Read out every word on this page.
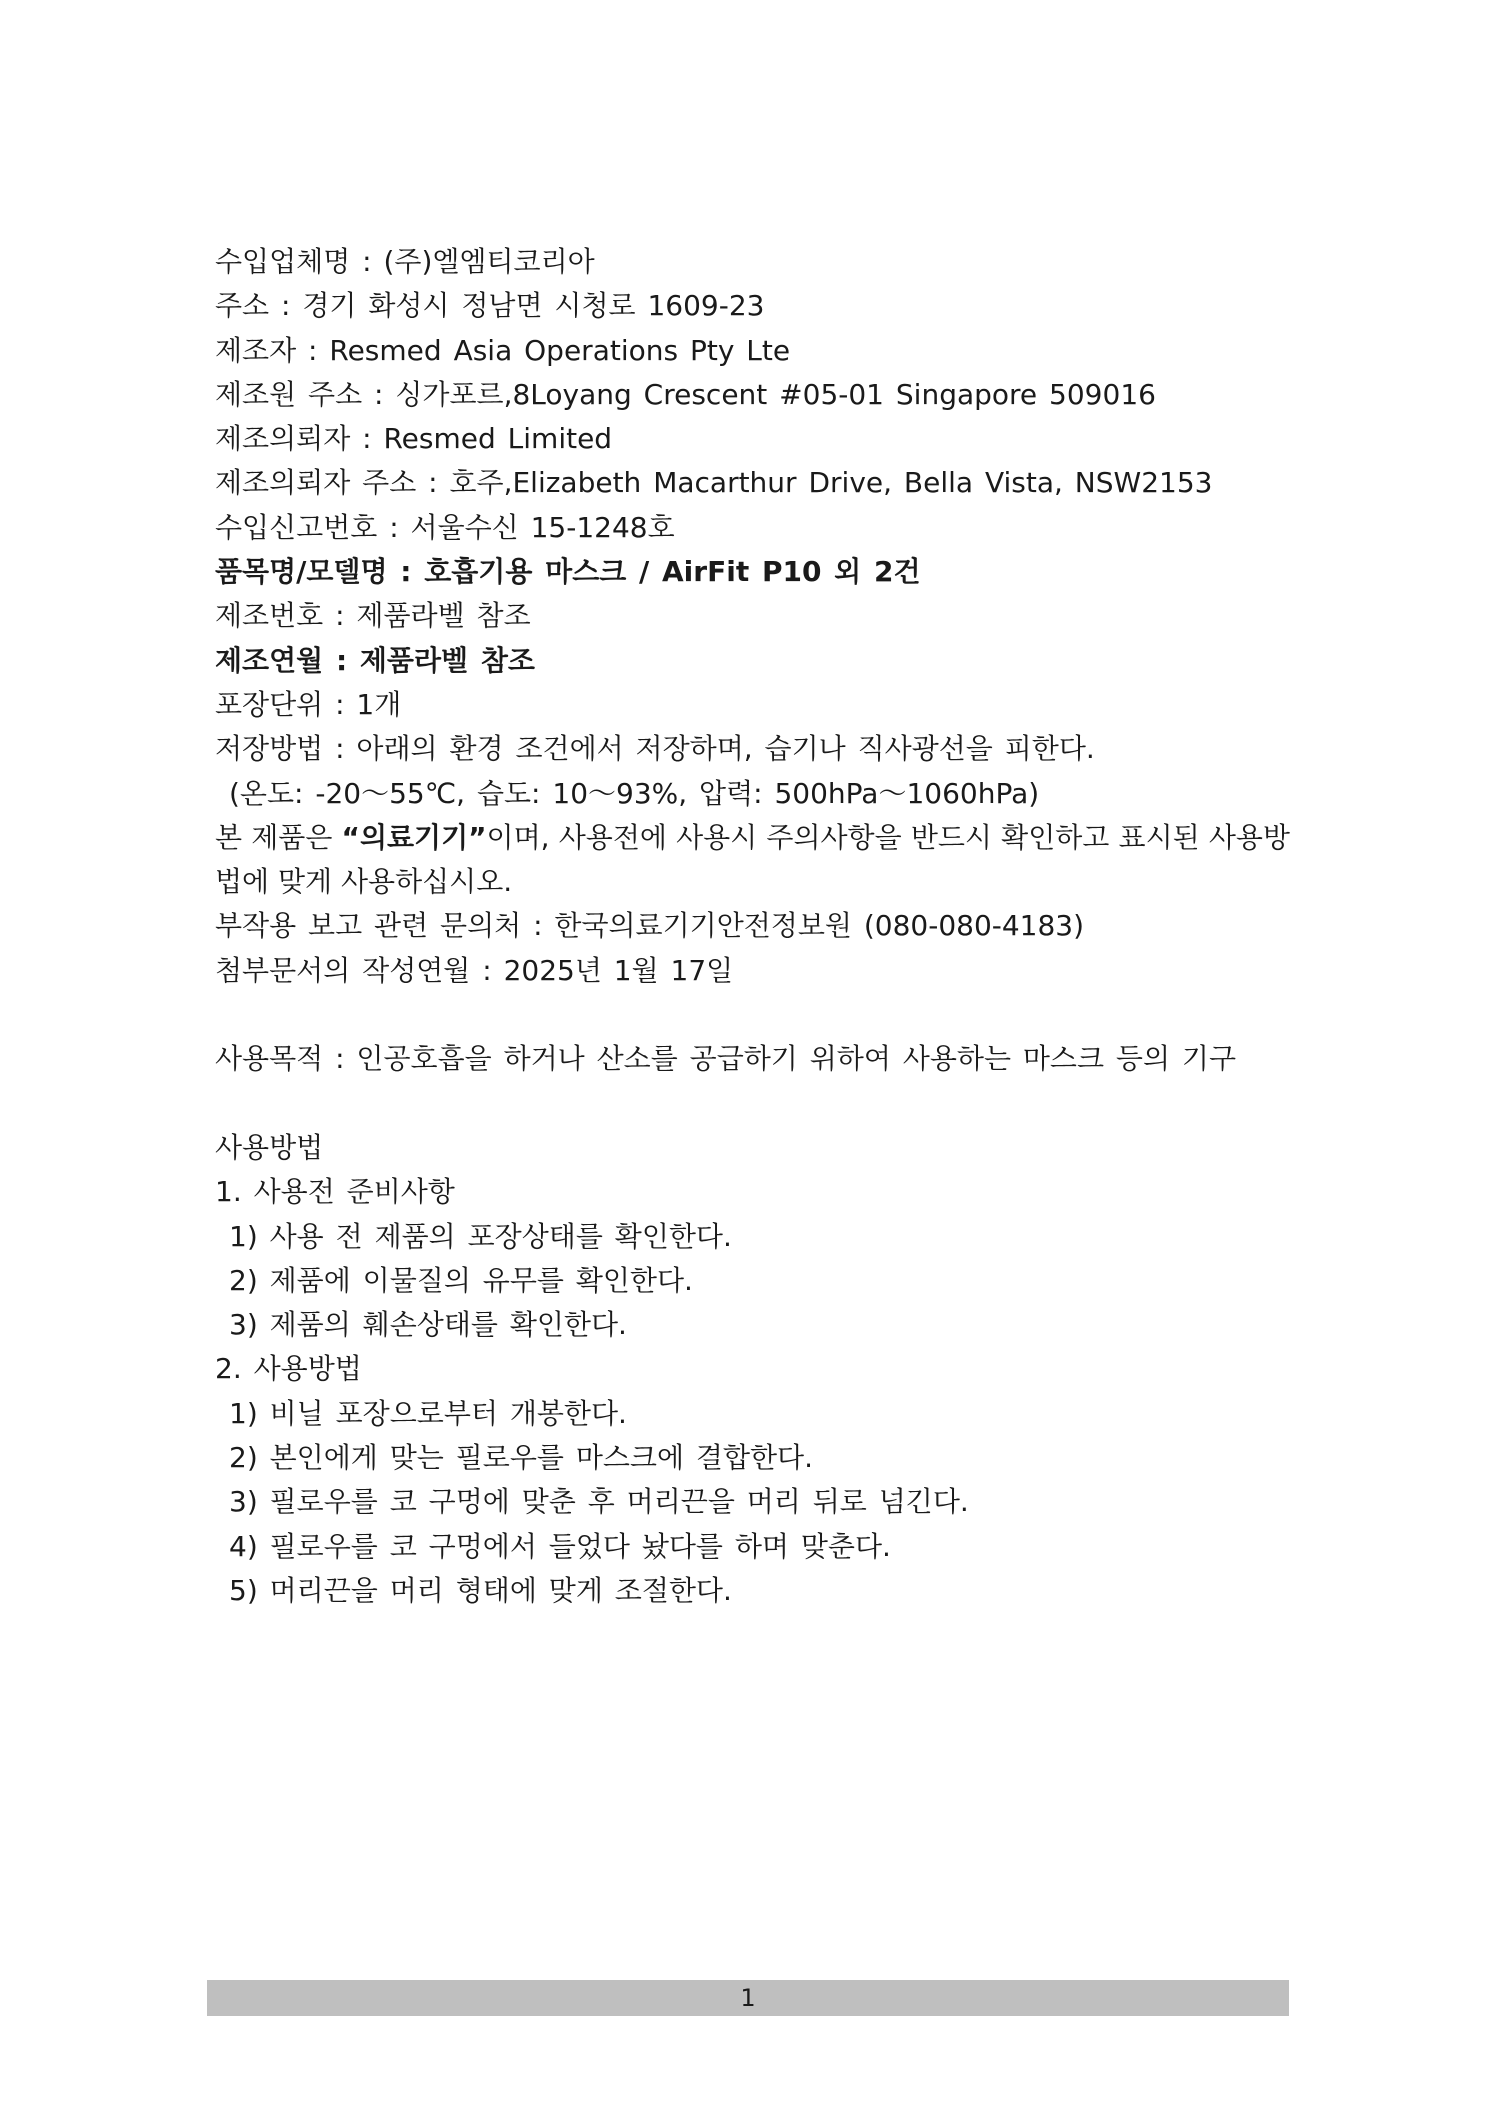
수입업체명 : (주)엘엠티코리아
주소 : 경기 화성시 정남면 시청로 1609-23
제조자 : Resmed Asia Operations Pty Lte
제조원 주소 : 싱가포르,8Loyang Crescent #05-01 Singapore 509016
제조의뢰자 : Resmed Limited
제조의뢰자 주소 : 호주,Elizabeth Macarthur Drive, Bella Vista, NSW2153
수입신고번호 : 서울수신 15-1248호
품목명/모델명 : 호흡기용 마스크 / AirFit P10 외 2건
제조번호 : 제품라벨 참조
제조연월 : 제품라벨 참조
포장단위 : 1개
저장방법 : 아래의 환경 조건에서 저장하며, 습기나 직사광선을 피한다.
(온도: -20～55℃, 습도: 10～93%, 압력: 500hPa～1060hPa)
본 제품은 “의료기기”이며, 사용전에 사용시 주의사항을 반드시 확인하고 표시된 사용방법에 맞게 사용하십시오.
부작용 보고 관련 문의처 : 한국의료기기안전정보원 (080-080-4183)
첨부문서의 작성연월 : 2025년 1월 17일
사용목적 : 인공호흡을 하거나 산소를 공급하기 위하여 사용하는 마스크 등의 기구
사용방법
1. 사용전 준비사항
1) 사용 전 제품의 포장상태를 확인한다.
2) 제품에 이물질의 유무를 확인한다.
3) 제품의 훼손상태를 확인한다.
2. 사용방법
1) 비닐 포장으로부터 개봉한다.
2) 본인에게 맞는 필로우를 마스크에 결합한다.
3) 필로우를 코 구멍에 맞춘 후 머리끈을 머리 뒤로 넘긴다.
4) 필로우를 코 구멍에서 들었다 놨다를 하며 맞춘다.
5) 머리끈을 머리 형태에 맞게 조절한다.
1
